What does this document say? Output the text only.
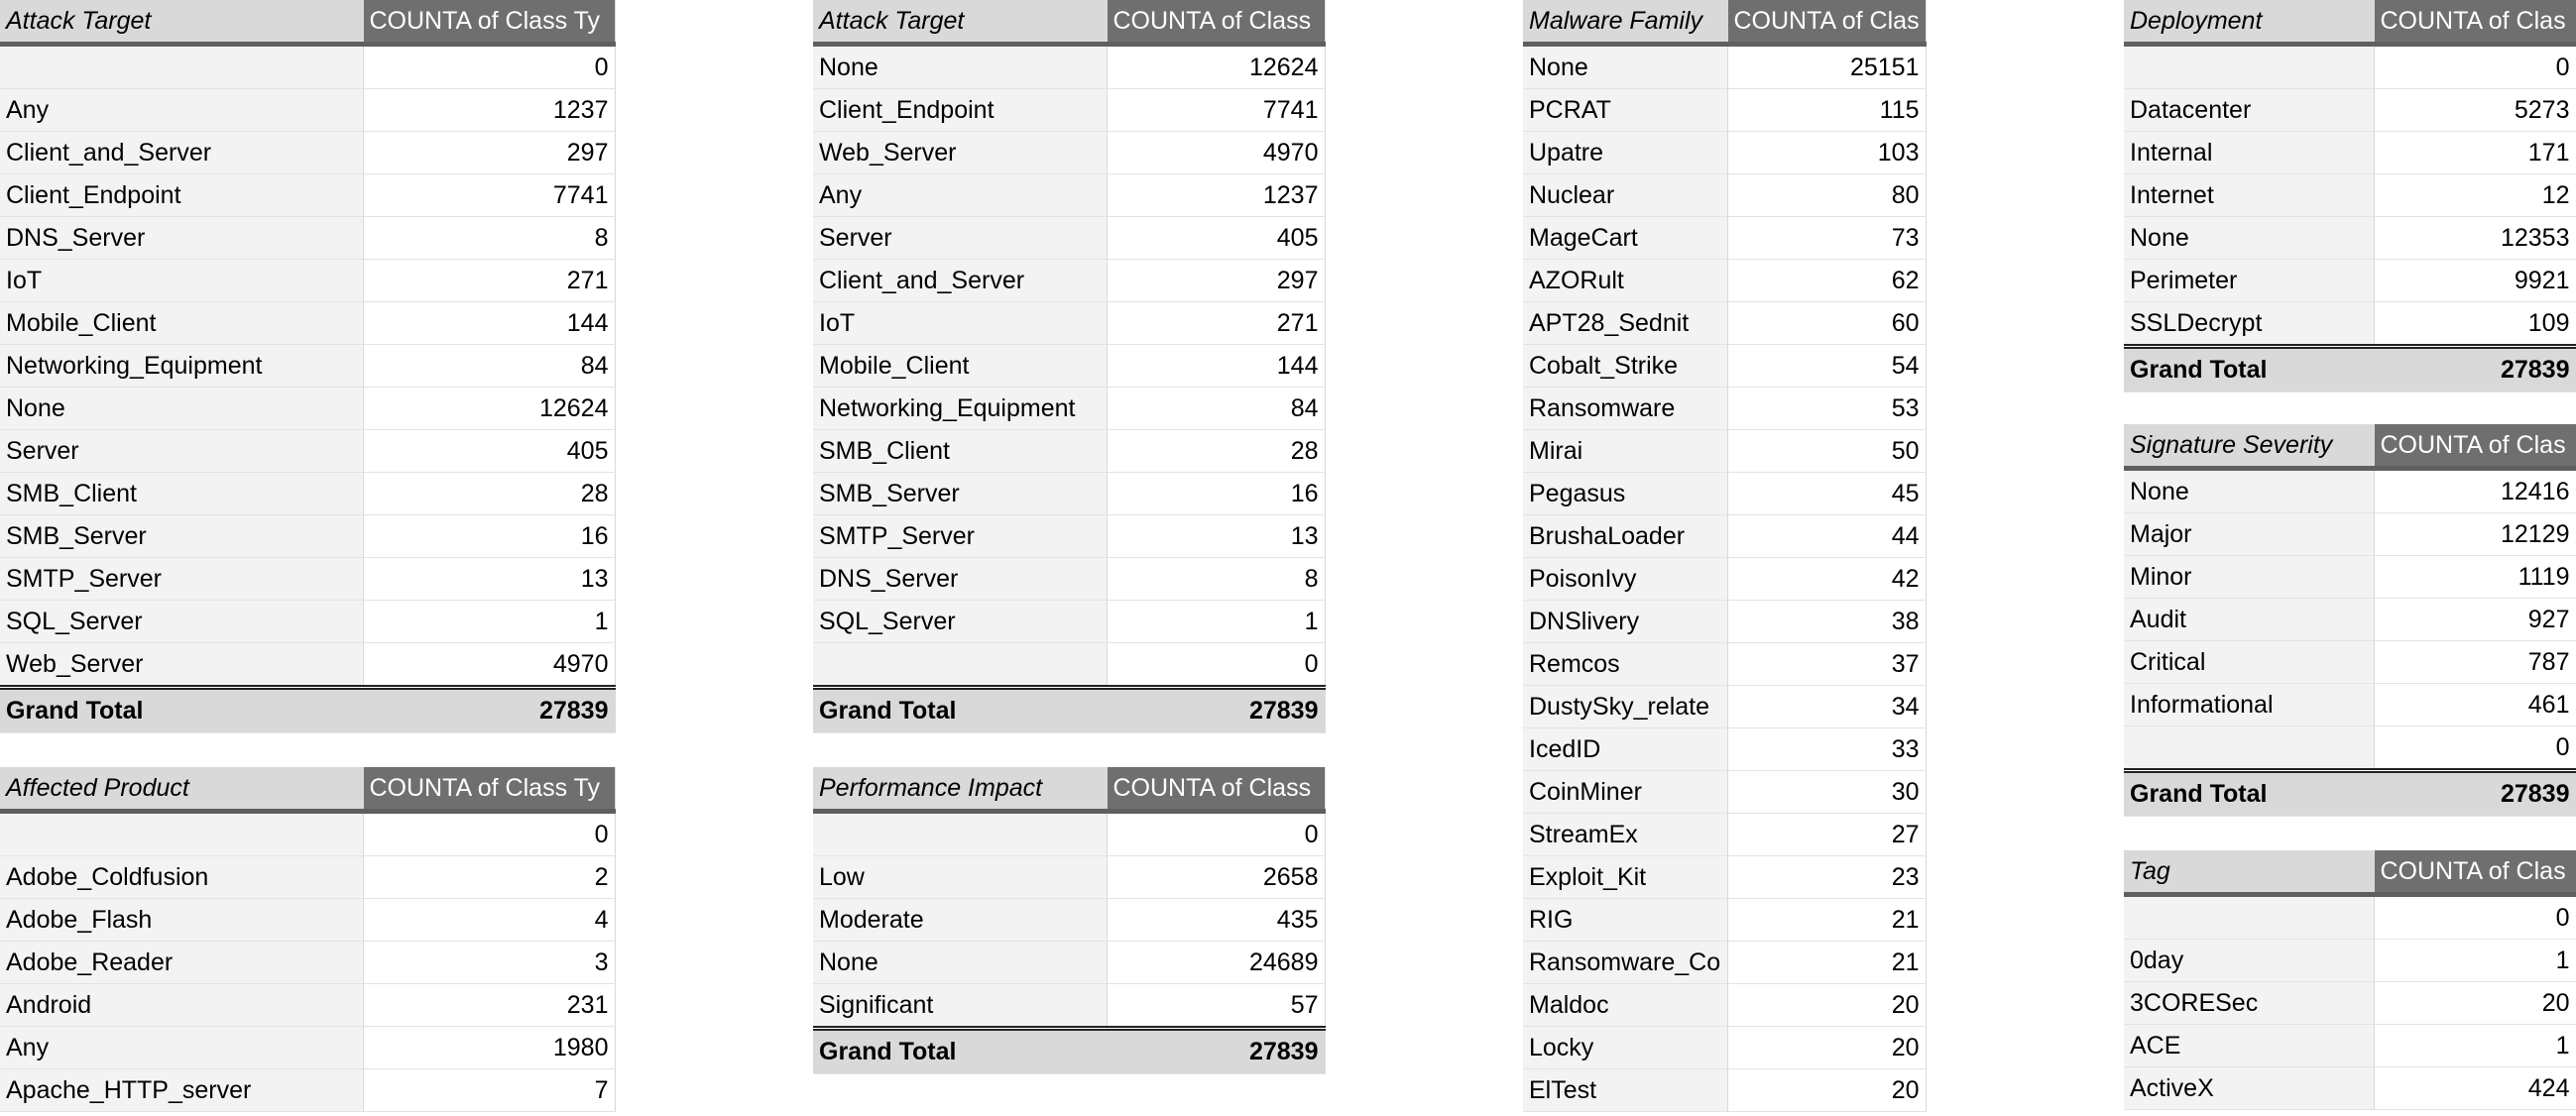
Attack Target	COUNTA of Class Ty
	0
Any	1237
Client_and_Server	297
Client_Endpoint	7741
DNS_Server	8
IoT	271
Mobile_Client	144
Networking_Equipment	84
None	12624
Server	405
SMB_Client	28
SMB_Server	16
SMTP_Server	13
SQL_Server	1
Web_Server	4970
Grand Total	27839
Affected Product	COUNTA of Class Ty
	0
Adobe_Coldfusion	2
Adobe_Flash	4
Adobe_Reader	3
Android	231
Any	1980
Apache_HTTP_server	7
Attack Target	COUNTA of Class
None	12624
Client_Endpoint	7741
Web_Server	4970
Any	1237
Server	405
Client_and_Server	297
IoT	271
Mobile_Client	144
Networking_Equipment	84
SMB_Client	28
SMB_Server	16
SMTP_Server	13
DNS_Server	8
SQL_Server	1
	0
Grand Total	27839
Performance Impact	COUNTA of Class
	0
Low	2658
Moderate	435
None	24689
Significant	57
Grand Total	27839
Malware Family	COUNTA of Clas
None	25151
PCRAT	115
Upatre	103
Nuclear	80
MageCart	73
AZORult	62
APT28_Sednit	60
Cobalt_Strike	54
Ransomware	53
Mirai	50
Pegasus	45
BrushaLoader	44
PoisonIvy	42
DNSlivery	38
Remcos	37
DustySky_relate	34
IcedID	33
CoinMiner	30
StreamEx	27
Exploit_Kit	23
RIG	21
Ransomware_Co	21
Maldoc	20
Locky	20
ElTest	20
Deployment	COUNTA of Clas
	0
Datacenter	5273
Internal	171
Internet	12
None	12353
Perimeter	9921
SSLDecrypt	109
Grand Total	27839
Signature Severity	COUNTA of Clas
None	12416
Major	12129
Minor	1119
Audit	927
Critical	787
Informational	461
	0
Grand Total	27839
Tag	COUNTA of Clas
	0
0day	1
3CORESec	20
ACE	1
ActiveX	424
